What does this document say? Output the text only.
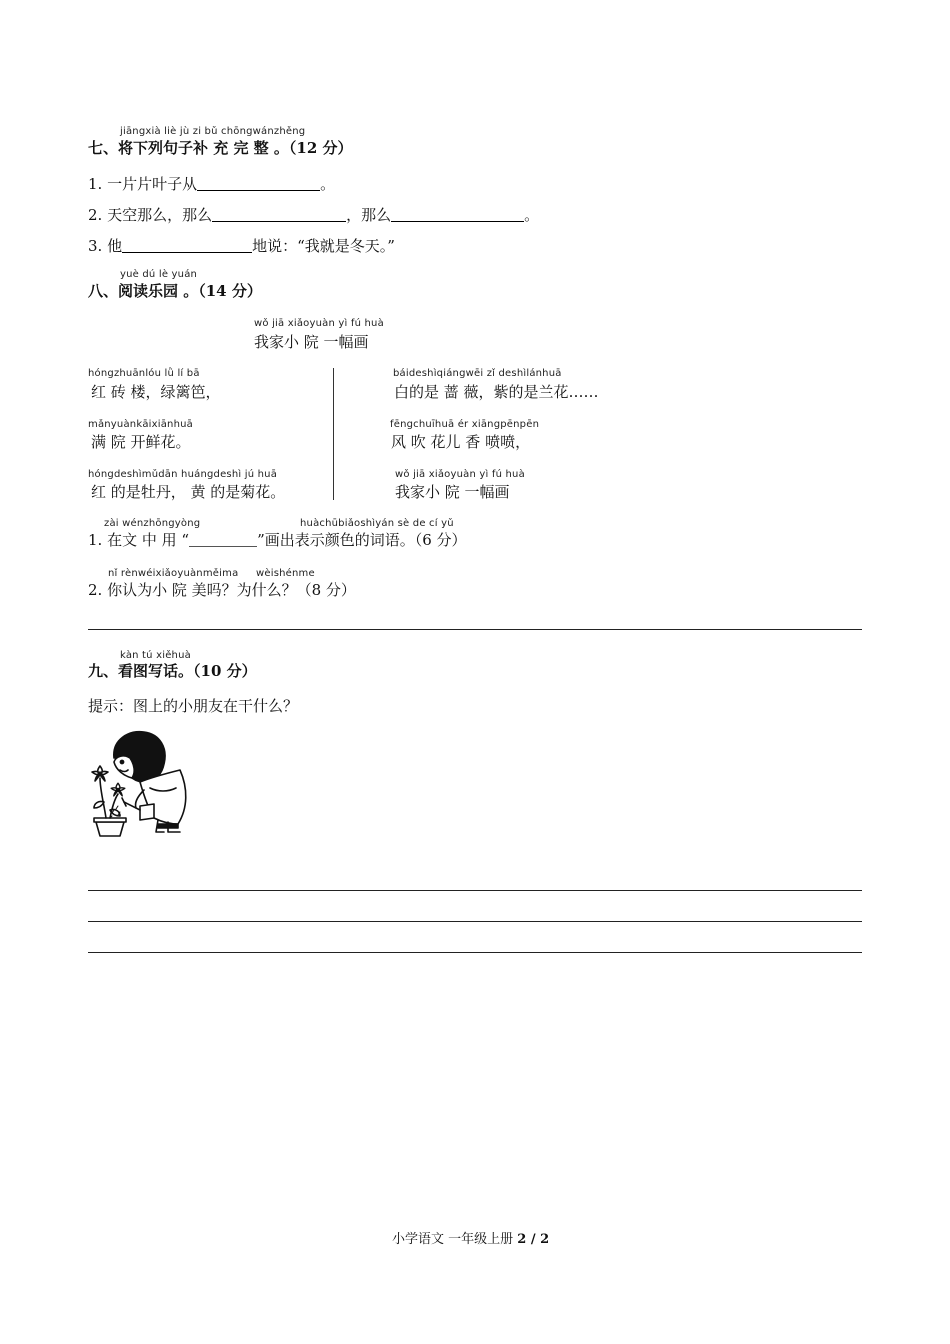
jiāngxià liè jù zi bǔ chōngwánzhěng
七、将下列句子补 充 完 整 。（12 分）
1. 一片片叶子从	。
2. 天空那么，那么	，那么	。
3. 他	地说：“我就是冬天。”
yuè dú lè yuán
八、阅读乐园 。（14 分）
wǒ jiā xiǎoyuàn yì fú huà
我家小 院 一幅画
hóngzhuānlóu lǜ lí bā
红 砖 楼，绿篱笆，
mǎnyuànkāixiānhuā
满 院 开鲜花。
hóngdeshìmǔdān huángdeshì jú huā
红 的是牡丹， 黄 的是菊花。
báideshìqiángwēi zǐ deshìlánhuā
白的是 蔷 薇，紫的是兰花……
fēngchuīhuā ér xiāngpēnpēn
风 吹 花儿 香 喷喷，
wǒ jiā xiǎoyuàn yì fú huà
我家小 院 一幅画
zài wénzhōngyòng	huàchūbiǎoshìyán sè de cí yǔ
1. 在文 中 用 “	”画出表示颜色的词语。（6 分）
nǐ rènwéixiǎoyuànměima wèishénme
2. 你认为小 院 美吗？为什么？（8 分）
kàn tú xiěhuà
九、看图写话。（10 分）
提示：图上的小朋友在干什么？
小学语文 一年级上册 2 / 2
